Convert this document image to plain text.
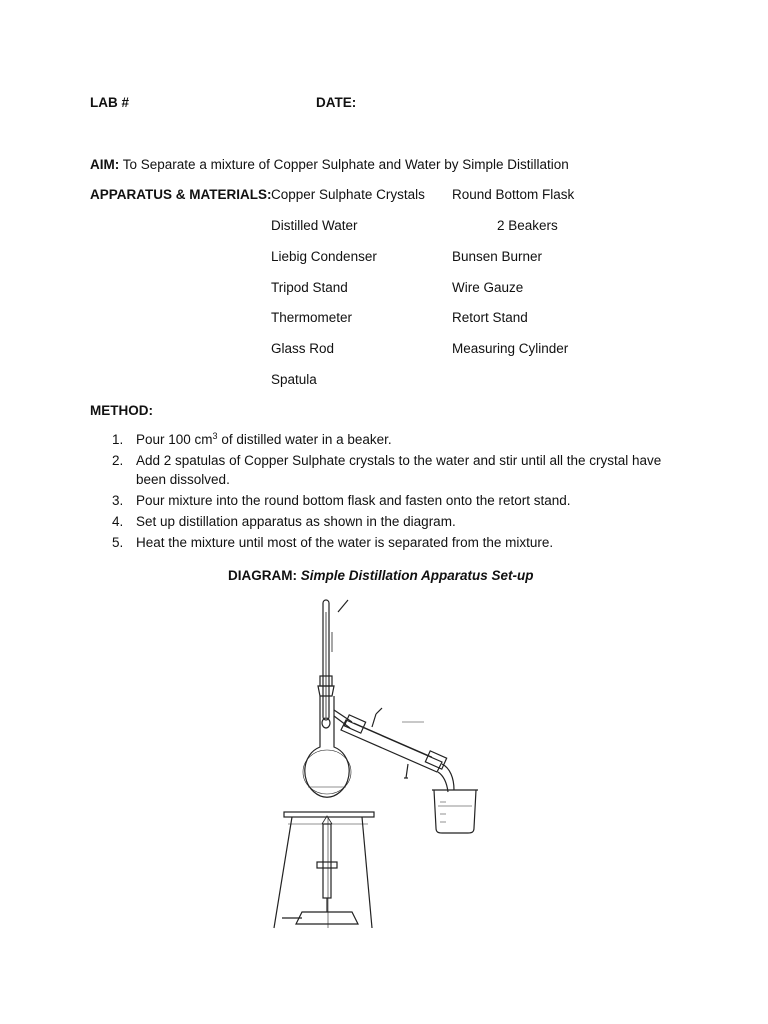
LAB #	DATE:
AIM: To Separate a mixture of Copper Sulphate and Water by Simple Distillation
APPARATUS & MATERIALS: Copper Sulphate Crystals
Distilled Water
Liebig Condenser
Tripod Stand
Thermometer
Glass Rod
Spatula
Round Bottom Flask
2 Beakers
Bunsen Burner
Wire Gauze
Retort Stand
Measuring Cylinder
METHOD:
1. Pour 100 $cm^3$ of distilled water in a beaker.
2. Add 2 spatulas of Copper Sulphate crystals to the water and stir until all the crystal have been dissolved.
3. Pour mixture into the round bottom flask and fasten onto the retort stand.
4. Set up distillation apparatus as shown in the diagram.
5. Heat the mixture until most of the water is separated from the mixture.
DIAGRAM: Simple Distillation Apparatus Set-up
